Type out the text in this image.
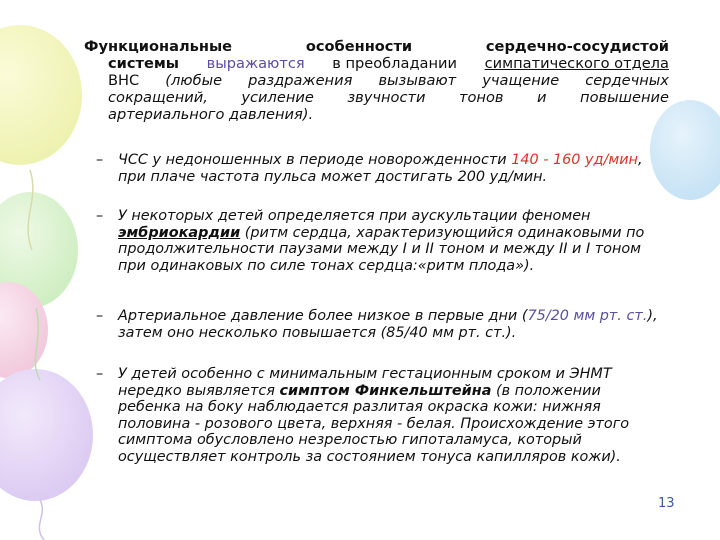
Функциональные	особенности	сердечно-сосудистой
системы выражаются в преобладании симпатического отдела
ВНС (любые раздражения вызывают учащение сердечных
сокращений, усиление звучности тонов и повышение
артериального давления).
– ЧСС у недоношенных в периоде новорожденности 140 - 160 уд/мин, при плаче частота пульса может достигать 200 уд/мин.
– У некоторых детей определяется при аускультации феномен эмбриокардии (ритм сердца, характеризующийся одинаковыми по продолжительности паузами между I и II тоном и между II и I тоном при одинаковых по силе тонах сердца:«ритм плода»).
– Артериальное давление более низкое в первые дни (75/20 мм рт. ст.), затем оно несколько повышается (85/40 мм рт. ст.).
– У детей особенно с минимальным гестационным сроком и ЭНМТ нередко выявляется симптом Финкельштейна (в положении ребенка на боку наблюдается разлитая окраска кожи: нижняя половина - розового цвета, верхняя - белая. Происхождение этого симптома обусловлено незрелостью гипоталамуса, который осуществляет контроль за состоянием тонуса капилляров кожи).
13
